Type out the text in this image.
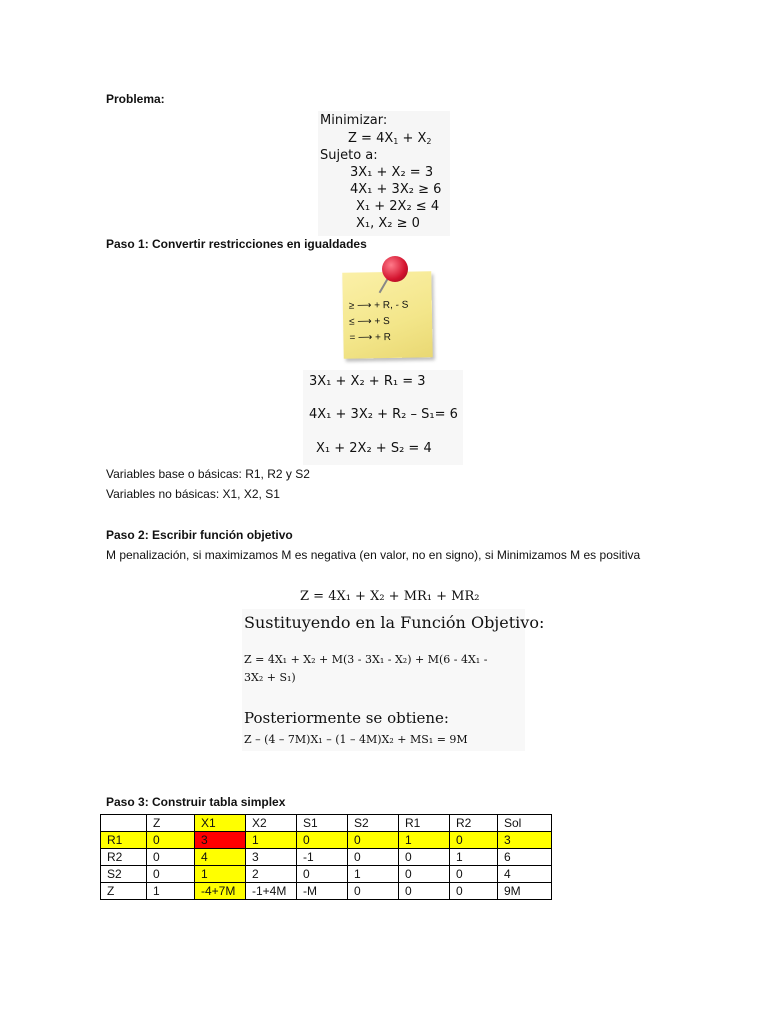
Problema:
Minimizar:
$Z = 4X_1 + X_2$
Sujeto a:
3X₁ + X₂ = 3
4X₁ + 3X₂ ≥ 6
X₁ + 2X₂ ≤ 4
X₁, X₂ ≥ 0
Paso 1: Convertir restricciones en igualdades
≥ ⟶ + R, - S
≤ ⟶ + S
= ⟶ + R
3X₁ + X₂ + R₁ = 3
4X₁ + 3X₂ + R₂ – S₁= 6
X₁ + 2X₂ + S₂ = 4
Variables base o básicas: R1, R2 y S2
Variables no básicas: X1, X2, S1
Paso 2: Escribir función objetivo
M penalización, si maximizamos M es negativa (en valor, no en signo), si Minimizamos M es positiva
Z = 4X₁ + X₂ + MR₁ + MR₂
Sustituyendo en la Función Objetivo:
Z = 4X₁ + X₂ + M(3 - 3X₁ - X₂) + M(6 - 4X₁ -
3X₂ + S₁)
Posteriormente se obtiene:
Z – (4 – 7M)X₁ – (1 – 4M)X₂ + MS₁ = 9M
Paso 3: Construir tabla simplex
	Z	X1	X2	S1	S2	R1	R2	Sol
R1	0	3	1	0	0	1	0	3
R2	0	4	3	-1	0	0	1	6
S2	0	1	2	0	1	0	0	4
Z	1	-4+7M	-1+4M	-M	0	0	0	9M
